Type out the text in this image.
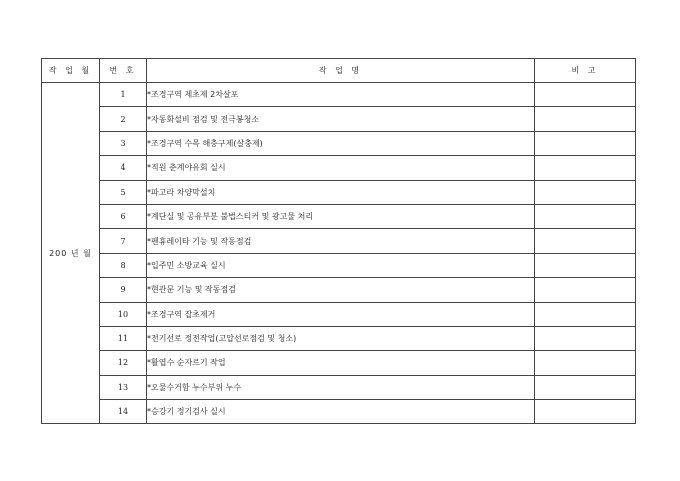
작 업 월	번 호	작 업 명	비 고
200 년 월	1	*조경구역 제초제 2차살포	
	2	*자동화설비 점검 및 전극봉청소	
	3	*조경구역 수목 해충구제(살충제)	
	4	*직원 춘계야유회 실시	
	5	*파고라 차양막설치	
	6	*계단실 및 공유부분 불법스티커 및 광고물 처리	
	7	*펜휴레이타 기능 및 작동점검	
	8	*입주민 소방교육 실시	
	9	*현관문 기능 및 작동점검	
	10	*조경구역 잡초제거	
	11	*전기선로 정전작업(고압선로점검 및 청소)	
	12	*활엽수 순자르기 작업	
	13	*오물수거함 누수부위 누수	
	14	*승강기 정기검사 실시	
